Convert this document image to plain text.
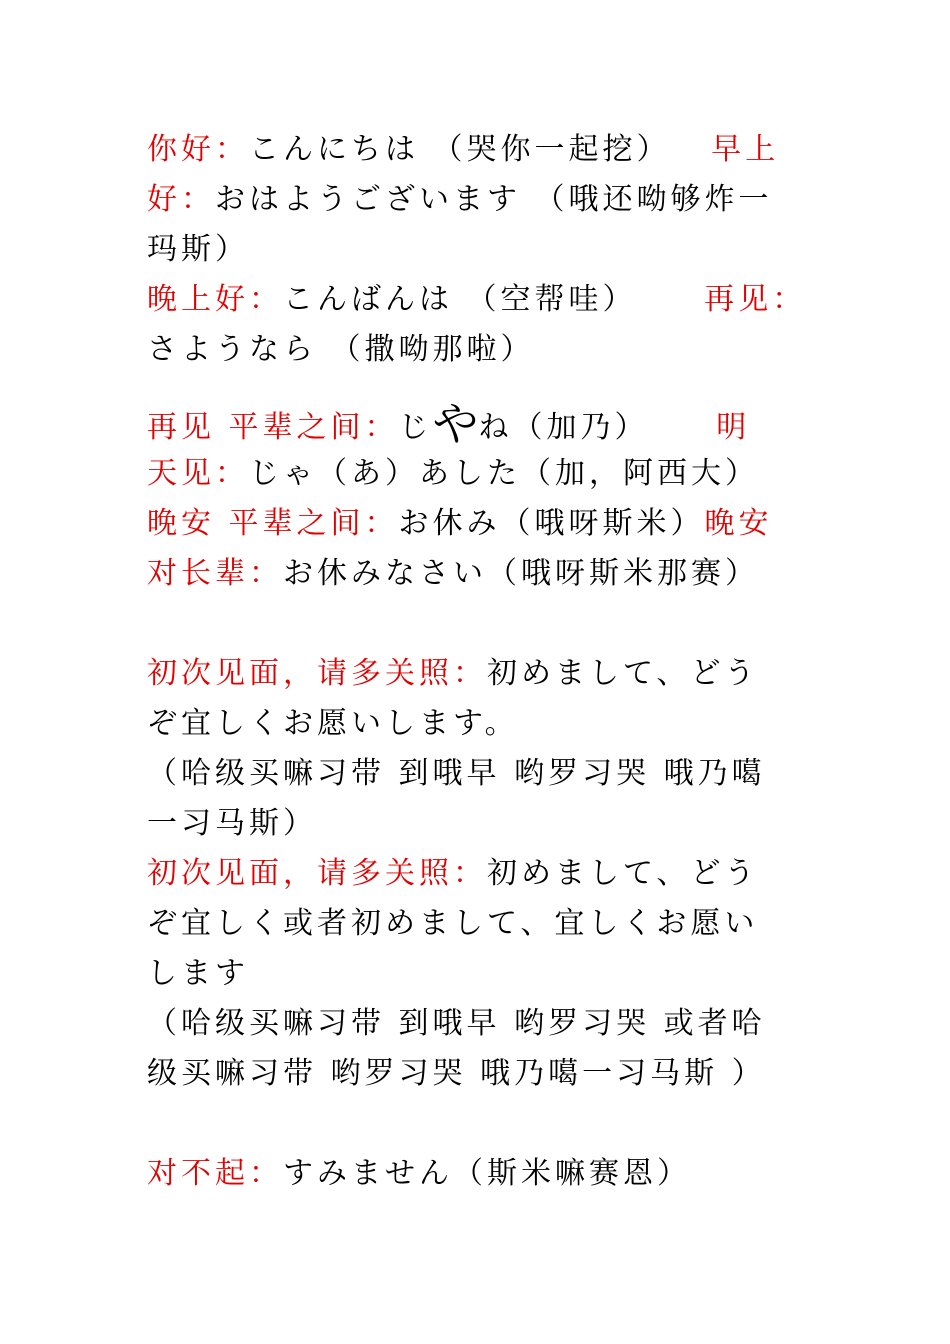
你好：こんにちは （哭你一起挖）   早上
好：おはようございます （哦还呦够炸一
玛斯）
晚上好：こんばんは （空帮哇）     再见：
さようなら （撒呦那啦）
再见 平辈之间：じやね（加乃）     明
天见：じゃ（あ）あした（加，阿西大）
晚安 平辈之间：お休み（哦呀斯米）晚安
对长辈：お休みなさい（哦呀斯米那赛）
初次见面，请多关照：初めまして、どう
ぞ宜しくお愿いします。
（哈级买嘛习带 到哦早 哟罗习哭 哦乃噶
一习马斯）
初次见面，请多关照：初めまして、どう
ぞ宜しく或者初めまして、宜しくお愿い
します
（哈级买嘛习带 到哦早 哟罗习哭 或者哈
级买嘛习带 哟罗习哭 哦乃噶一习马斯 ）
对不起：すみません（斯米嘛赛恩）
